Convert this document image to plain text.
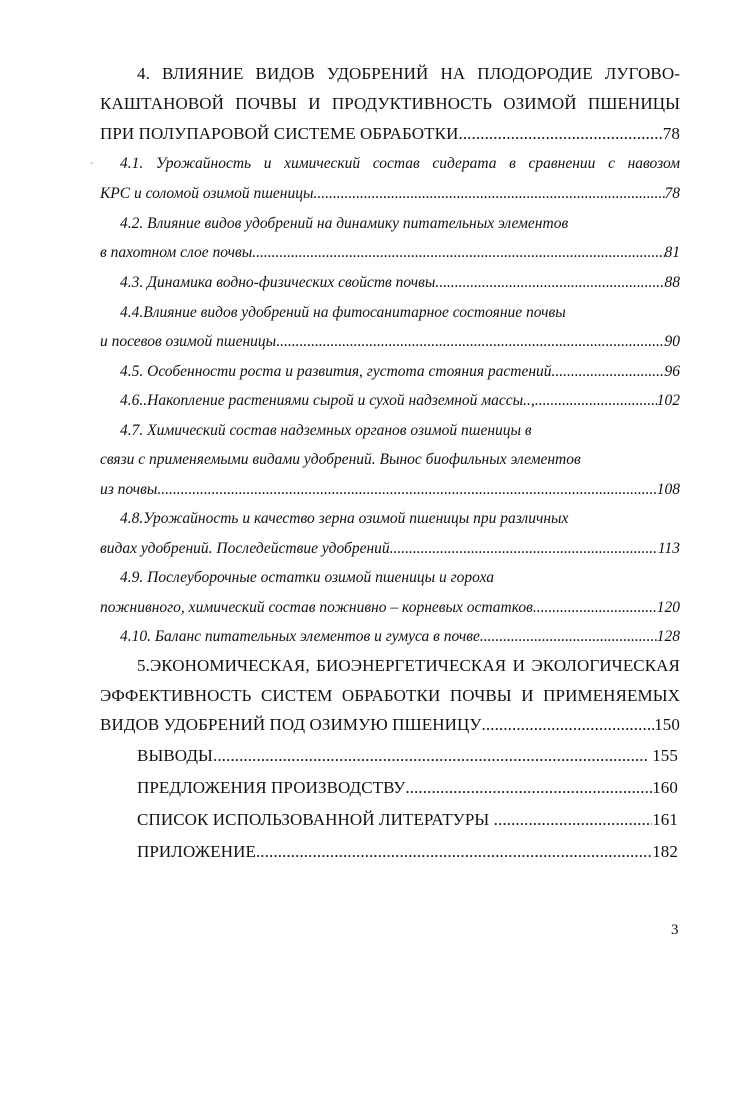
4. ВЛИЯНИЕ ВИДОВ УДОБРЕНИЙ НА ПЛОДОРОДИЕ ЛУГОВО-
КАШТАНОВОЙ ПОЧВЫ И ПРОДУКТИВНОСТЬ ОЗИМОЙ ПШЕНИЦЫ
ПРИ ПОЛУПАРОВОЙ СИСТЕМЕ ОБРАБОТКИ .....	78
4.1. Урожайность и химический состав сидерата в сравнении с навозом
КРС и соломой озимой пшеницы .....	78
4.2. Влияние видов удобрений на динамику питательных элементов
в пахотном слое почвы .....	81
4.3. Динамика водно-физических свойств почвы .....	88
4.4.Влияние видов удобрений на фитосанитарное состояние почвы
и посевов озимой пшеницы .....	90
4.5. Особенности роста и развития, густота стояния растений .....	96
4.6..Накопление растениями сырой и сухой надземной массы.., .....	102
4.7. Химический состав надземных органов озимой пшеницы в
связи с применяемыми видами удобрений. Вынос биофильных элементов
из почвы .....	108
4.8.Урожайность и качество зерна озимой пшеницы при различных
видах удобрений. Последействие удобрений .....	113
4.9. Послеуборочные остатки озимой пшеницы и гороха
пожнивного, химический состав пожнивно – корневых остатков .....	120
4.10. Баланс питательных элементов и гумуса в почве .....	128
5.ЭКОНОМИЧЕСКАЯ, БИОЭНЕРГЕТИЧЕСКАЯ И ЭКОЛОГИЧЕСКАЯ
ЭФФЕКТИВНОСТЬ СИСТЕМ ОБРАБОТКИ ПОЧВЫ И ПРИМЕНЯЕМЫХ
ВИДОВ УДОБРЕНИЙ ПОД ОЗИМУЮ ПШЕНИЦУ .....	150
ВЫВОДЫ .....	155
ПРЕДЛОЖЕНИЯ ПРОИЗВОДСТВУ .....	160
СПИСОК ИСПОЛЬЗОВАННОЙ ЛИТЕРАТУРЫ .. .....	161
ПРИЛОЖЕНИЕ .....	182
3
`
